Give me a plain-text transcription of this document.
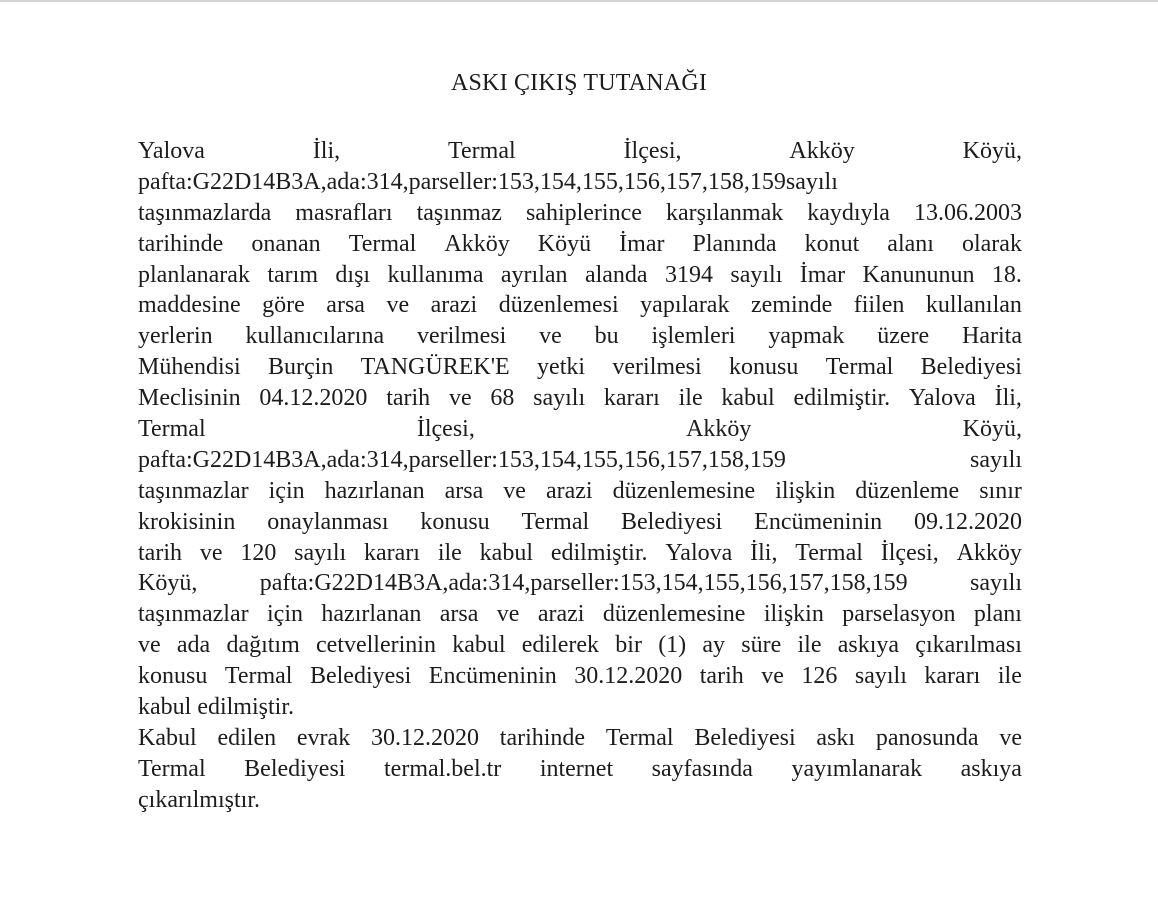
ASKI ÇIKIŞ TUTANAĞI
Yalova	İli,	Termal	İlçesi,	Akköy	Köyü,
pafta:G22D14B3A,ada:314,parseller:153,154,155,156,157,158,159sayılı
taşınmazlarda masrafları taşınmaz sahiplerince karşılanmak kaydıyla 13.06.2003
tarihinde onanan Termal Akköy Köyü İmar Planında konut alanı olarak
planlanarak tarım dışı kullanıma ayrılan alanda 3194 sayılı İmar Kanununun 18.
maddesine göre arsa ve arazi düzenlemesi yapılarak zeminde fiilen kullanılan
yerlerin kullanıcılarına verilmesi ve bu işlemleri yapmak üzere Harita
Mühendisi Burçin TANGÜREK'E yetki verilmesi konusu Termal Belediyesi
Meclisinin 04.12.2020 tarih ve 68 sayılı kararı ile kabul edilmiştir. Yalova İli,
Termal	İlçesi,	Akköy	Köyü,
pafta:G22D14B3A,ada:314,parseller:153,154,155,156,157,158,159	sayılı
taşınmazlar için hazırlanan arsa ve arazi düzenlemesine ilişkin düzenleme sınır
krokisinin onaylanması konusu Termal Belediyesi Encümeninin 09.12.2020
tarih ve 120 sayılı kararı ile kabul edilmiştir. Yalova İli, Termal İlçesi, Akköy
Köyü,	pafta:G22D14B3A,ada:314,parseller:153,154,155,156,157,158,159	sayılı
taşınmazlar için hazırlanan arsa ve arazi düzenlemesine ilişkin parselasyon planı
ve ada dağıtım cetvellerinin kabul edilerek bir (1) ay süre ile askıya çıkarılması
konusu Termal Belediyesi Encümeninin 30.12.2020 tarih ve 126 sayılı kararı ile
kabul edilmiştir.
Kabul edilen evrak 30.12.2020 tarihinde Termal Belediyesi askı panosunda ve
Termal Belediyesi termal.bel.tr internet sayfasında yayımlanarak askıya
çıkarılmıştır.
